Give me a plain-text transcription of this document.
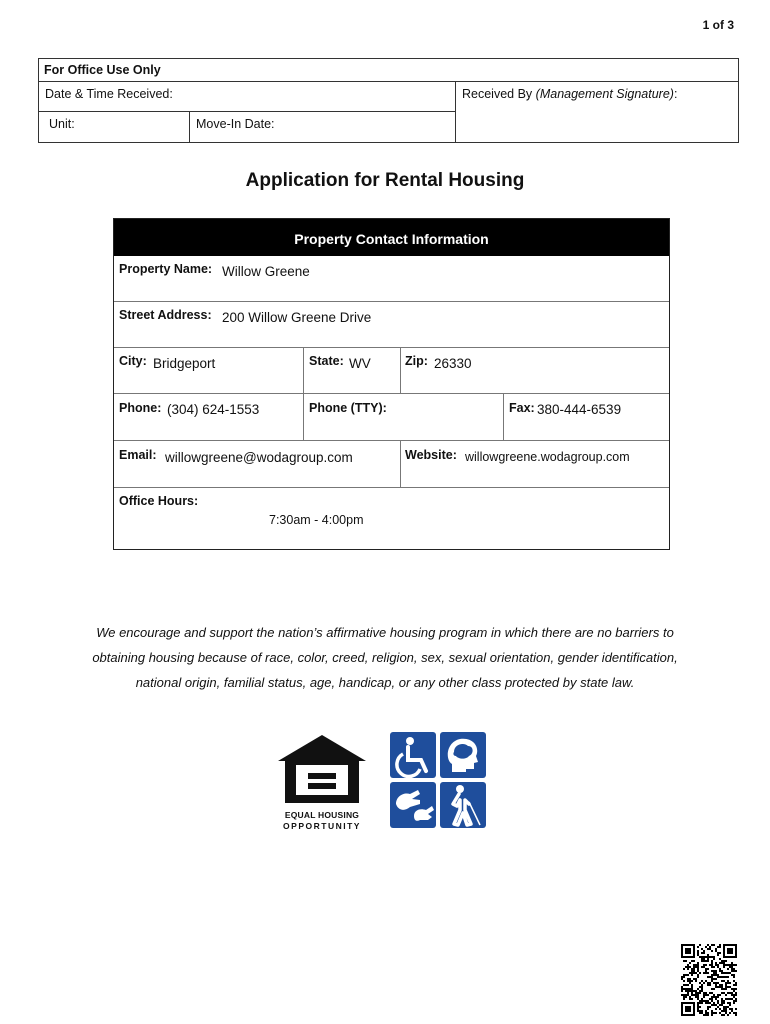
1 of 3
For Office Use Only
Date & Time Received:	Received By (Management Signature):
Unit:	Move-In Date:
Application for Rental Housing
Property Contact Information
Property Name: Willow Greene
Street Address: 200 Willow Greene Drive
City: Bridgeport	State: WV	Zip: 26330
Phone: (304) 624-1553	Phone (TTY):	Fax: 380-444-6539
Email: willowgreene@wodagroup.com	Website: willowgreene.wodagroup.com
Office Hours:
7:30am - 4:00pm
We encourage and support the nation’s affirmative housing program in which there are no barriers to
obtaining housing because of race, color, creed, religion, sex, sexual orientation, gender identification,
national origin, familial status, age, handicap, or any other class protected by state law.
EQUAL HOUSING
OPPORTUNITY
